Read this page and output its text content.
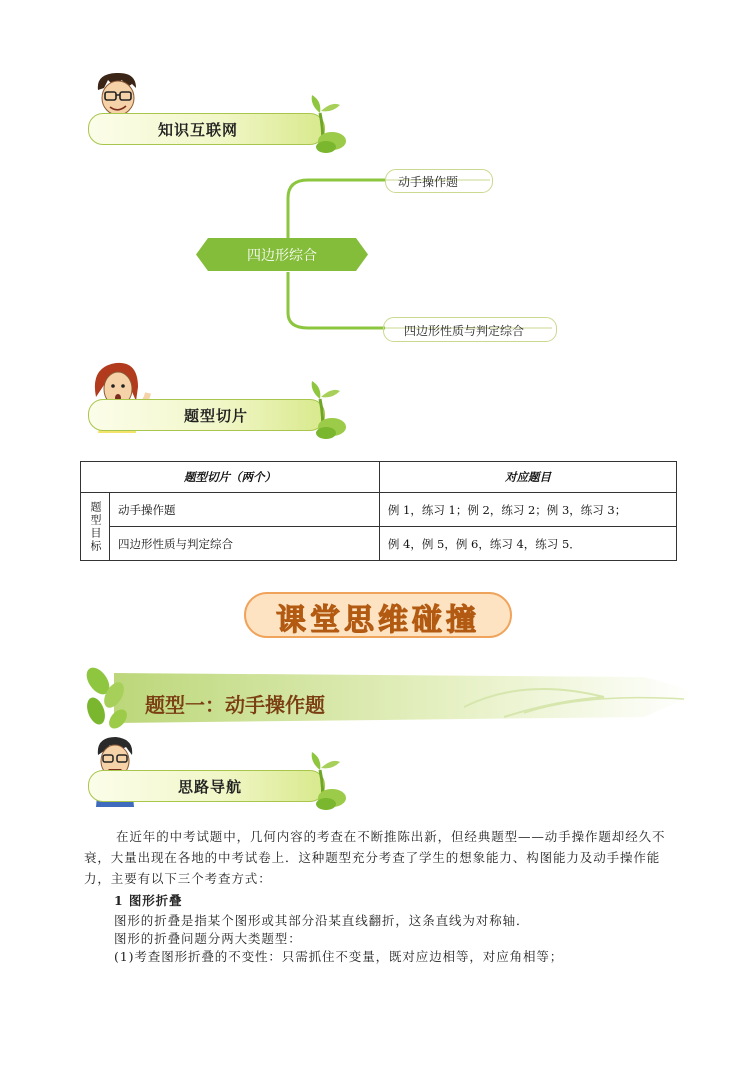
知识互联网
四边形综合
动手操作题
四边形性质与判定综合
题型切片
题型切片（两个）		对应题目
题型目标	动手操作题	例 1，练习 1；例 2，练习 2；例 3，练习 3；
	四边形性质与判定综合	例 4，例 5，例 6，练习 4，练习 5．
课堂思维碰撞
题型一：动手操作题
思路导航
在近年的中考试题中，几何内容的考查在不断推陈出新，但经典题型——动手操作题却经久不衰，大量出现在各地的中考试卷上．这种题型充分考查了学生的想象能力、构图能力及动手操作能力，主要有以下三个考查方式：
1 图形折叠
图形的折叠是指某个图形或其部分沿某直线翻折，这条直线为对称轴．
图形的折叠问题分两大类题型：
(1)考查图形折叠的不变性：只需抓住不变量，既对应边相等，对应角相等；
